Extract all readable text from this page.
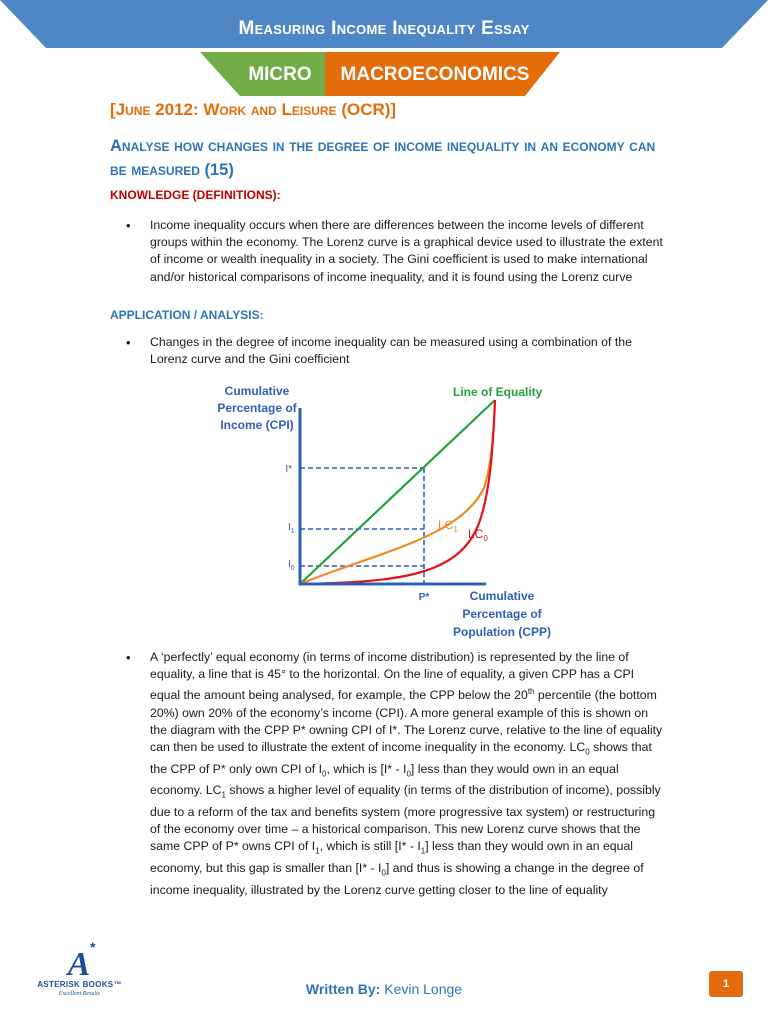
Measuring Income Inequality Essay
MICRO	MACROECONOMICS
[June 2012: Work and Leisure (OCR)]
Analyse how changes in the degree of income inequality in an economy can be measured (15)
KNOWLEDGE (DEFINITIONS):
• Income inequality occurs when there are differences between the income levels of different groups within the economy. The Lorenz curve is a graphical device used to illustrate the extent of income or wealth inequality in a society. The Gini coefficient is used to make international and/or historical comparisons of income inequality, and it is found using the Lorenz curve
APPLICATION / ANALYSIS:
• Changes in the degree of income inequality can be measured using a combination of the Lorenz curve and the Gini coefficient
Cumulative
Percentage of
Income (CPI)
Cumulative
Percentage of
Population (CPP)
Line of Equality
$LC_1$ $LC_0$
I*
$I_1$
$I_0$
P*
• A ‘perfectly’ equal economy (in terms of income distribution) is represented by the line of equality, a line that is 45° to the horizontal. On the line of equality, a given CPP has a CPI equal the amount being analysed, for example, the CPP below the 20th percentile (the bottom 20%) own 20% of the economy’s income (CPI). A more general example of this is shown on the diagram with the CPP P* owning CPI of I*. The Lorenz curve, relative to the line of equality can then be used to illustrate the extent of income inequality in the economy. $LC_0$ shows that the CPP of P* only own CPI of $I_0$, which is $[I* - I_0]$ less than they would own in an equal economy. $LC_1$ shows a higher level of equality (in terms of the distribution of income), possibly due to a reform of the tax and benefits system (more progressive tax system) or restructuring of the economy over time – a historical comparison. This new Lorenz curve shows that the same CPP of P* owns CPI of $I_1$, which is still $[I* - I_1]$ less than they would own in an equal economy, but this gap is smaller than $[I* - I_0]$ and thus is showing a change in the degree of income inequality, illustrated by the Lorenz curve getting closer to the line of equality
A *
ASTERISK BOOKS™
Excellent Results	Written By: Kevin Longe	1
